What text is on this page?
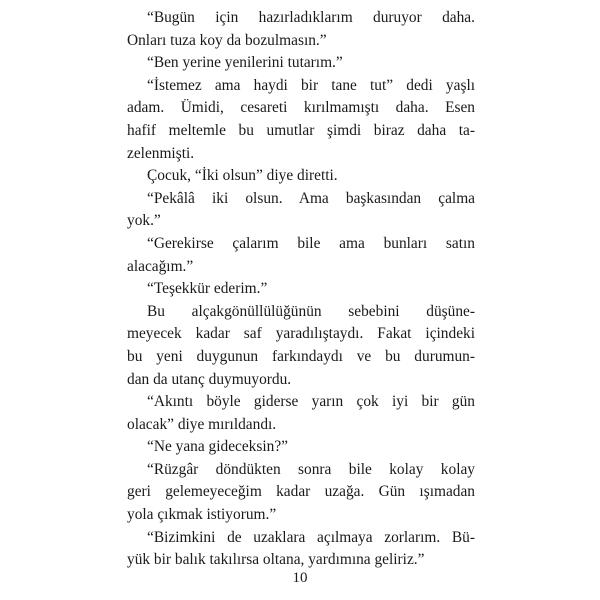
“Bugün için hazırladıklarım duruyor daha.
Onları tuza koy da bozulmasın.”
“Ben yerine yenilerini tutarım.”
“İstemez ama haydi bir tane tut” dedi yaşlı
adam. Ümidi, cesareti kırılmamıştı daha. Esen
hafif meltemle bu umutlar şimdi biraz daha ta-
zelenmişti.
Çocuk, “İki olsun” diye diretti.
“Pekâlâ iki olsun. Ama başkasından çalma
yok.”
“Gerekirse çalarım bile ama bunları satın
alacağım.”
“Teşekkür ederim.”
Bu alçakgönüllülüğünün sebebini düşüne-
meyecek kadar saf yaradılıştaydı. Fakat içindeki
bu yeni duygunun farkındaydı ve bu durumun-
dan da utanç duymuyordu.
“Akıntı böyle giderse yarın çok iyi bir gün
olacak” diye mırıldandı.
“Ne yana gideceksin?”
“Rüzgâr döndükten sonra bile kolay kolay
geri gelemeyeceğim kadar uzağa. Gün ışımadan
yola çıkmak istiyorum.”
“Bizimkini de uzaklara açılmaya zorlarım. Bü-
yük bir balık takılırsa oltana, yardımına geliriz.”
10
